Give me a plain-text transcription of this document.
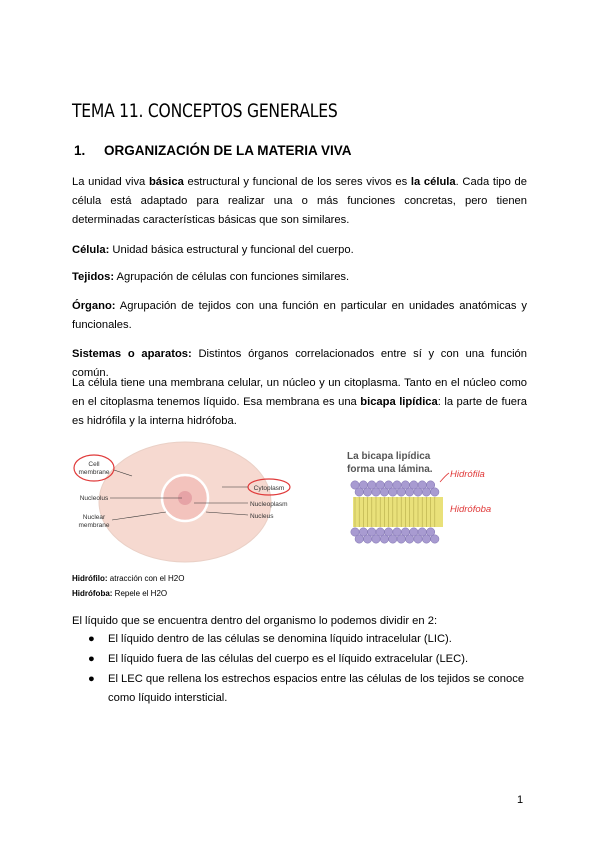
TEMA 11. CONCEPTOS GENERALES
1. ORGANIZACIÓN DE LA MATERIA VIVA
La unidad viva básica estructural y funcional de los seres vivos es la célula. Cada tipo de célula está adaptado para realizar una o más funciones concretas, pero tienen determinadas características básicas que son similares.
Célula: Unidad básica estructural y funcional del cuerpo.
Tejidos: Agrupación de células con funciones similares.
Órgano: Agrupación de tejidos con una función en particular en unidades anatómicas y funcionales.
Sistemas o aparatos: Distintos órganos correlacionados entre sí y con una función común.
La célula tiene una membrana celular, un núcleo y un citoplasma. Tanto en el núcleo como en el citoplasma tenemos líquido. Esa membrana es una bicapa lipídica: la parte de fuera es hidrófila y la interna hidrófoba.
Cell
membrane
Nucleolus
Nuclear
membrane
Cytoplasm
Nucleoplasm
Nucleus
La bicapa lipídica
forma una lámina. Hidrófila
Hidrófoba
Hidrófilo: atracción con el H2O
Hidrófoba: Repele el H2O
El líquido que se encuentra dentro del organismo lo podemos dividir en 2:
● El líquido dentro de las células se denomina líquido intracelular (LIC).
● El líquido fuera de las células del cuerpo es el líquido extracelular (LEC).
● El LEC que rellena los estrechos espacios entre las células de los tejidos se conoce como líquido intersticial.
1
